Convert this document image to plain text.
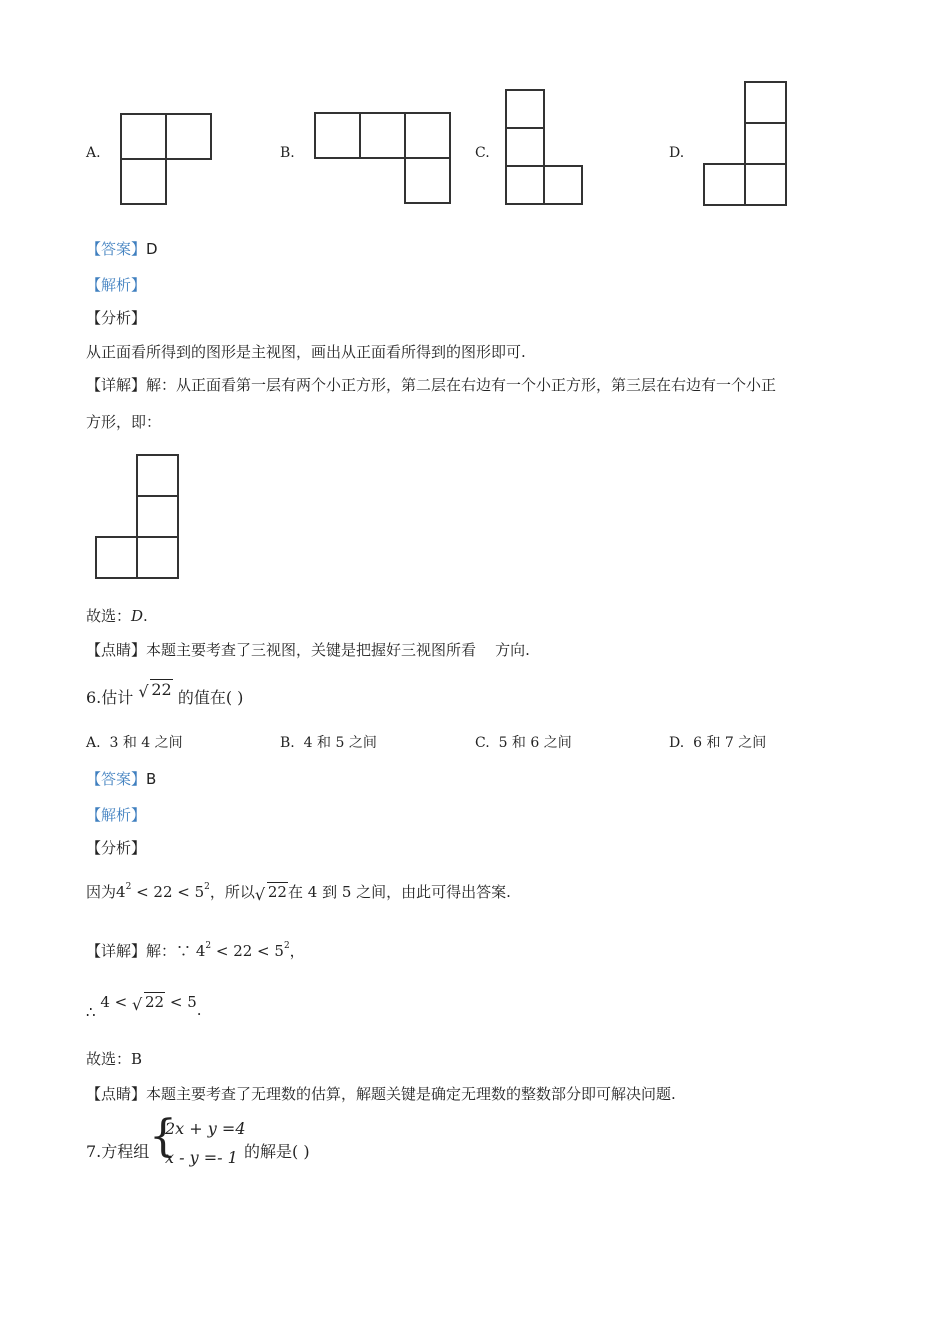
A.	B.	C.	D.
【答案】D
【解析】
【分析】
从正面看所得到的图形是主视图，画出从正面看所得到的图形即可.
【详解】解：从正面看第一层有两个小正方形，第二层在右边有一个小正方形，第三层在右边有一个小正
方形，即：
故选：D.
【点睛】本题主要考查了三视图，关键是把握好三视图所看    方向.
6.估计 √ 22 的值在( )
A. 3 和 4 之间	B. 4 和 5 之间	C. 5 和 6 之间	D. 6 和 7 之间
【答案】B
【解析】
【分析】
因为$4^2 < 22 < 5^2$，所以 √ 22在 4 到 5 之间，由此可得出答案.
【详解】解：∵ $4^2 < 22 < 5^2$，
∴ 4 < √ 22 < 5.
故选：B
【点睛】本题主要考查了无理数的估算，解题关键是确定无理数的整数部分即可解决问题.
7.方程组 {
2x + y =4
x - y =- 1 的解是( )
